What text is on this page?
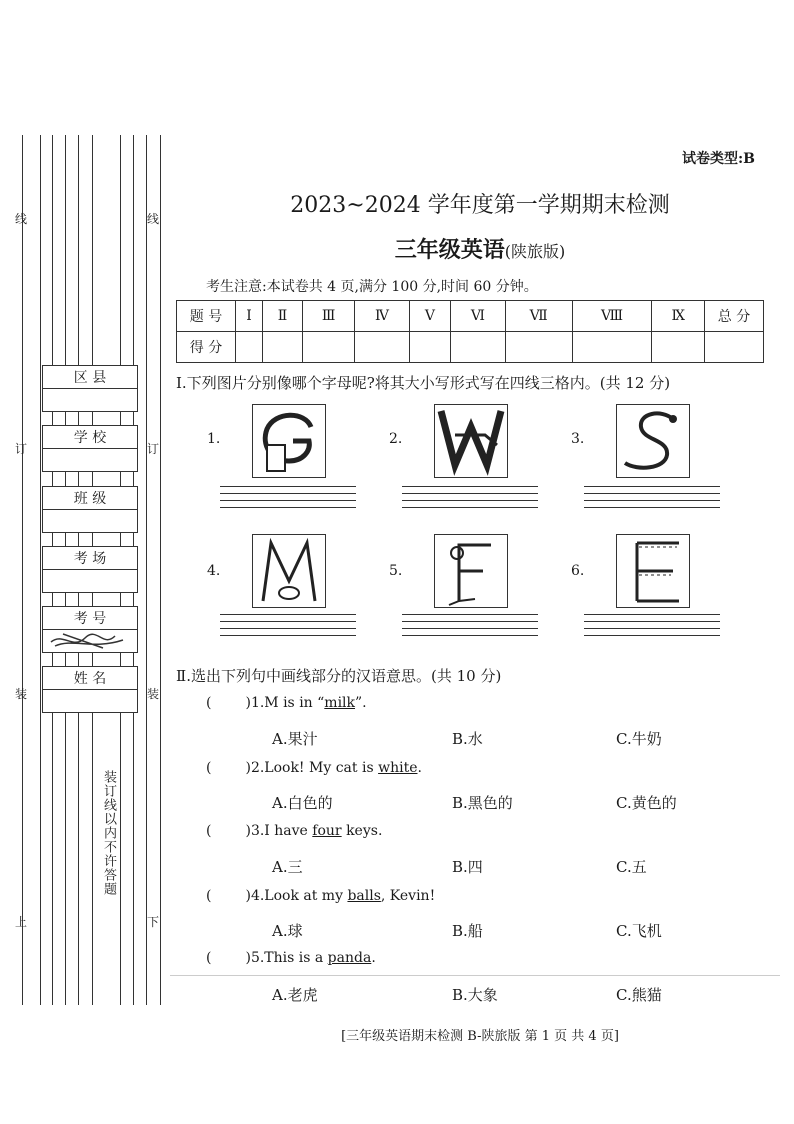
线	线
订	订
装	装
上	下
装订线以内不许答题
区 县
学 校
班 级
考 场
考 号
姓 名
试卷类型:B
2023~2024 学年度第一学期期末检测
三年级英语(陕旅版)
考生注意:本试卷共 4 页,满分 100 分,时间 60 分钟。
题 号	Ⅰ	Ⅱ	Ⅲ	Ⅳ	Ⅴ	Ⅵ	Ⅶ	Ⅷ	Ⅸ	总 分
得 分										
Ⅰ.下列图片分别像哪个字母呢?将其大小写形式写在四线三格内。(共 12 分)
1.	2.	3.
4.	5.	6.
Ⅱ.选出下列句中画线部分的汉语意思。(共 10 分)
( )1.M is in “milk”.
A.果汁	B.水	C.牛奶
( )2.Look! My cat is white.
A.白色的	B.黑色的	C.黄色的
( )3.I have four keys.
A.三	B.四	C.五
( )4.Look at my balls, Kevin!
A.球	B.船	C.飞机
( )5.This is a panda.
A.老虎	B.大象	C.熊猫
[三年级英语期末检测 B-陕旅版 第 1 页 共 4 页]
